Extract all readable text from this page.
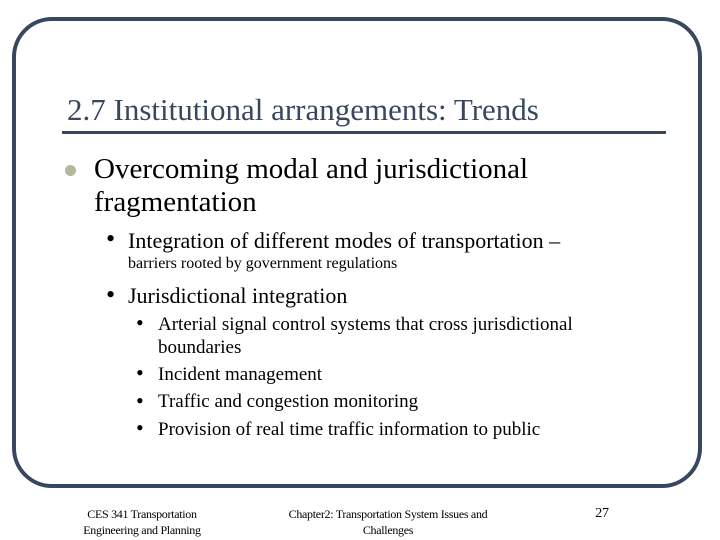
2.7 Institutional arrangements: Trends
Overcoming modal and jurisdictional fragmentation
• Integration of different modes of transportation –
barriers rooted by government regulations
• Jurisdictional integration
• Arterial signal control systems that cross jurisdictional
boundaries
• Incident management
• Traffic and congestion monitoring
• Provision of real time traffic information to public
CES 341 Transportation
Engineering and Planning
Chapter2: Transportation System Issues and
Challenges
27
